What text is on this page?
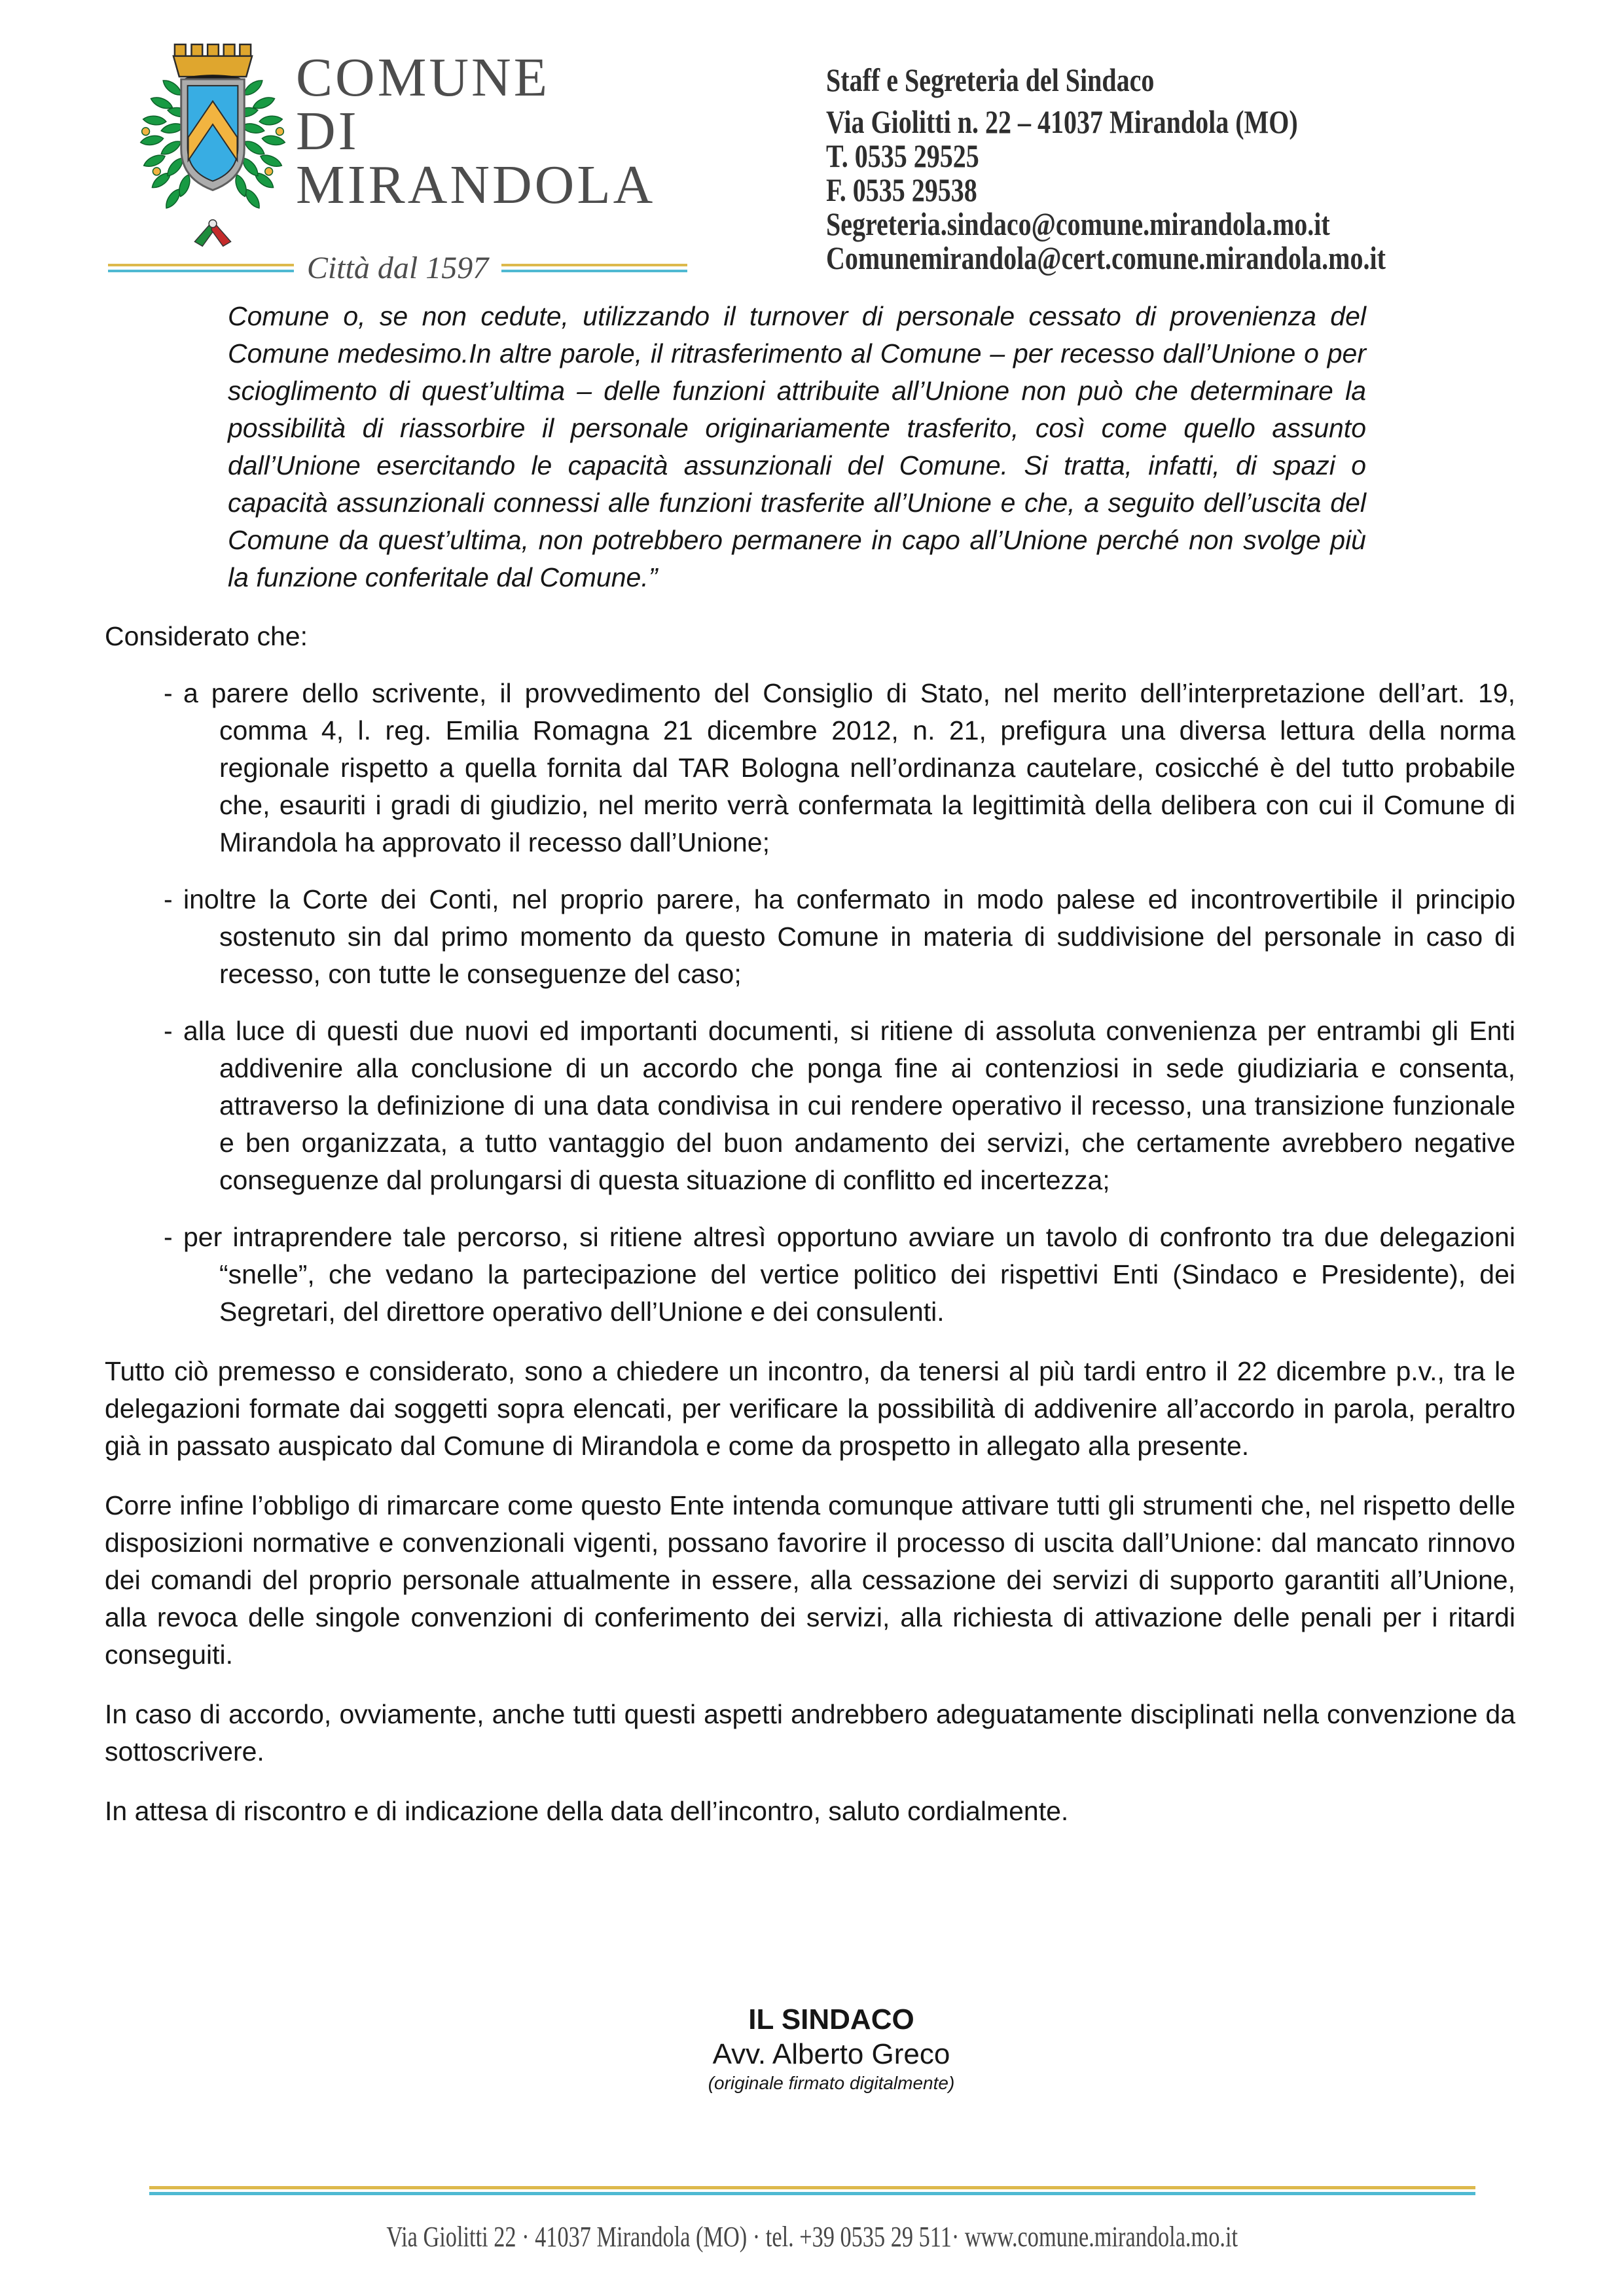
COMUNE
DI
MIRANDOLA
Città dal 1597
Staff e Segreteria del Sindaco
Via Giolitti n. 22 – 41037 Mirandola (MO)
T. 0535 29525
F. 0535 29538
Segreteria.sindaco@comune.mirandola.mo.it
Comunemirandola@cert.comune.mirandola.mo.it
Comune o, se non cedute, utilizzando il turnover di personale cessato di provenienza del Comune medesimo.In altre parole, il ritrasferimento al Comune – per recesso dall’Unione o per scioglimento di quest’ultima – delle funzioni attribuite all’Unione non può che determinare la possibilità di riassorbire il personale originariamente trasferito, così come quello assunto dall’Unione esercitando le capacità assunzionali del Comune. Si tratta, infatti, di spazi o capacità assunzionali connessi alle funzioni trasferite all’Unione e che, a seguito dell’uscita del Comune da quest’ultima, non potrebbero permanere in capo all’Unione perché non svolge più la funzione conferitale dal Comune.”
Considerato che:
- a parere dello scrivente, il provvedimento del Consiglio di Stato, nel merito dell’interpretazione dell’art. 19, comma 4, l. reg. Emilia Romagna 21 dicembre 2012, n. 21, prefigura una diversa lettura della norma regionale rispetto a quella fornita dal TAR Bologna nell’ordinanza cautelare, cosicché è del tutto probabile che, esauriti i gradi di giudizio, nel merito verrà confermata la legittimità della delibera con cui il Comune di Mirandola ha approvato il recesso dall’Unione;
- inoltre la Corte dei Conti, nel proprio parere, ha confermato in modo palese ed incontrovertibile il principio sostenuto sin dal primo momento da questo Comune in materia di suddivisione del personale in caso di recesso, con tutte le conseguenze del caso;
- alla luce di questi due nuovi ed importanti documenti, si ritiene di assoluta convenienza per entrambi gli Enti addivenire alla conclusione di un accordo che ponga fine ai contenziosi in sede giudiziaria e consenta, attraverso la definizione di una data condivisa in cui rendere operativo il recesso, una transizione funzionale e ben organizzata, a tutto vantaggio del buon andamento dei servizi, che certamente avrebbero negative conseguenze dal prolungarsi di questa situazione di conflitto ed incertezza;
- per intraprendere tale percorso, si ritiene altresì opportuno avviare un tavolo di confronto tra due delegazioni “snelle”, che vedano la partecipazione del vertice politico dei rispettivi Enti (Sindaco e Presidente), dei Segretari, del direttore operativo dell’Unione e dei consulenti.
Tutto ciò premesso e considerato, sono a chiedere un incontro, da tenersi al più tardi entro il 22 dicembre p.v., tra le delegazioni formate dai soggetti sopra elencati, per verificare la possibilità di addivenire all’accordo in parola, peraltro già in passato auspicato dal Comune di Mirandola e come da prospetto in allegato alla presente.
Corre infine l’obbligo di rimarcare come questo Ente intenda comunque attivare tutti gli strumenti che, nel rispetto delle disposizioni normative e convenzionali vigenti, possano favorire il processo di uscita dall’Unione: dal mancato rinnovo dei comandi del proprio personale attualmente in essere, alla cessazione dei servizi di supporto garantiti all’Unione, alla revoca delle singole convenzioni di conferimento dei servizi, alla richiesta di attivazione delle penali per i ritardi conseguiti.
In caso di accordo, ovviamente, anche tutti questi aspetti andrebbero adeguatamente disciplinati nella convenzione da sottoscrivere.
In attesa di riscontro e di indicazione della data dell’incontro, saluto cordialmente.
IL SINDACO
Avv. Alberto Greco
(originale firmato digitalmente)
Via Giolitti 22 · 41037 Mirandola (MO) · tel. +39 0535 29 511· www.comune.mirandola.mo.it
